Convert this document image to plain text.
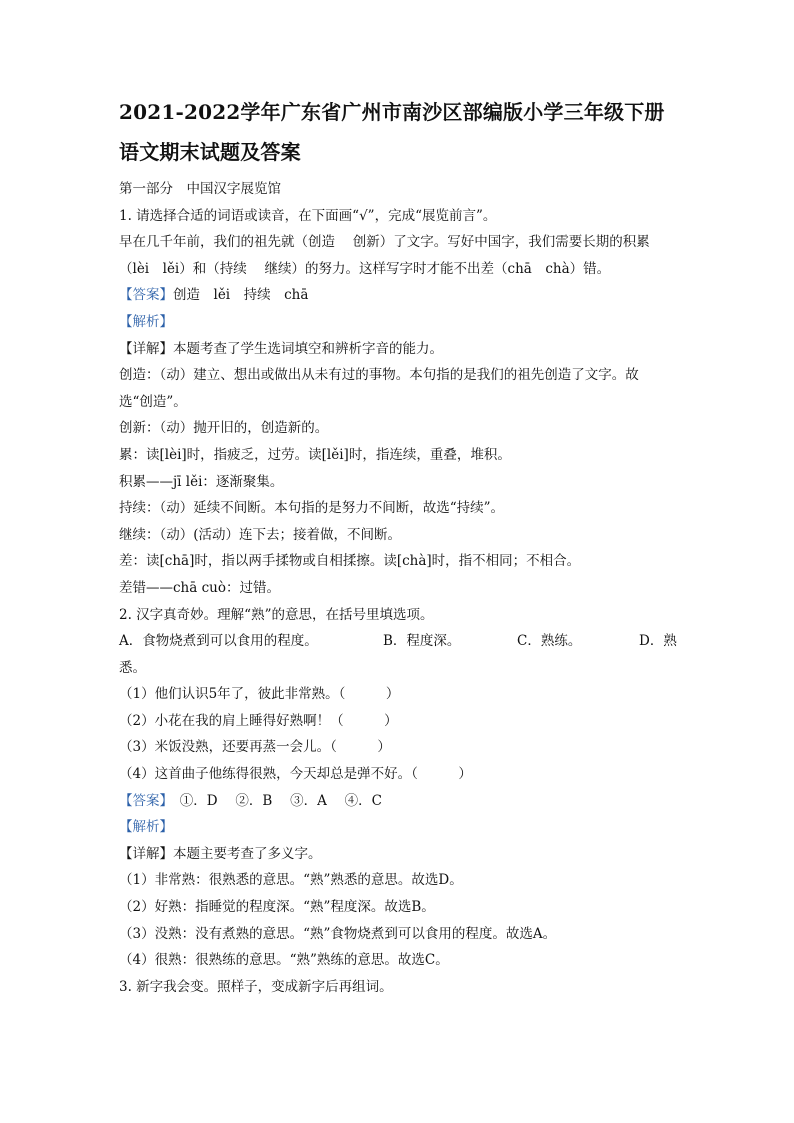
2021-2022学年广东省广州市南沙区部编版小学三年级下册
语文期末试题及答案
第一部分　中国汉字展览馆
1. 请选择合适的词语或读音，在下面画“√”，完成“展览前言”。
早在几千年前，我们的祖先就（创造　 创新）了文字。写好中国字，我们需要长期的积累
（lèi　lěi）和（持续　 继续）的努力。这样写字时才能不出差（chā　chà）错。
【答案】创造　lěi　持续　chā
【解析】
【详解】本题考查了学生选词填空和辨析字音的能力。
创造：（动）建立、想出或做出从未有过的事物。本句指的是我们的祖先创造了文字。故
选“创造”。
创新：（动）抛开旧的，创造新的。
累：读[lèi]时，指疲乏，过劳。读[lěi]时，指连续，重叠，堆积。
积累——jī lěi：逐渐聚集。
持续：（动）延续不间断。本句指的是努力不间断，故选“持续”。
继续：（动）(活动）连下去；接着做，不间断。
差：读[chā]时，指以两手揉物或自相揉擦。读[chà]时，指不相同；不相合。
差错——chā cuò：过错。
2. 汉字真奇妙。理解“熟”的意思，在括号里填选项。
A．食物烧煮到可以食用的程度。	B．程度深。	C．熟练。	D．熟
悉。
（1）他们认识5年了，彼此非常熟。（　　　）
（2）小花在我的肩上睡得好熟啊！（　　　）
（3）米饭没熟，还要再蒸一会儿。（　　　）
（4）这首曲子他练得很熟，今天却总是弹不好。（　　　）
【答案】　①．D　 ②．B　 ③．A　 ④．C
【解析】
【详解】本题主要考查了多义字。
（1）非常熟：很熟悉的意思。“熟”熟悉的意思。故选D。
（2）好熟：指睡觉的程度深。“熟”程度深。故选B。
（3）没熟：没有煮熟的意思。“熟”食物烧煮到可以食用的程度。故选A。
（4）很熟：很熟练的意思。“熟”熟练的意思。故选C。
3. 新字我会变。照样子，变成新字后再组词。
